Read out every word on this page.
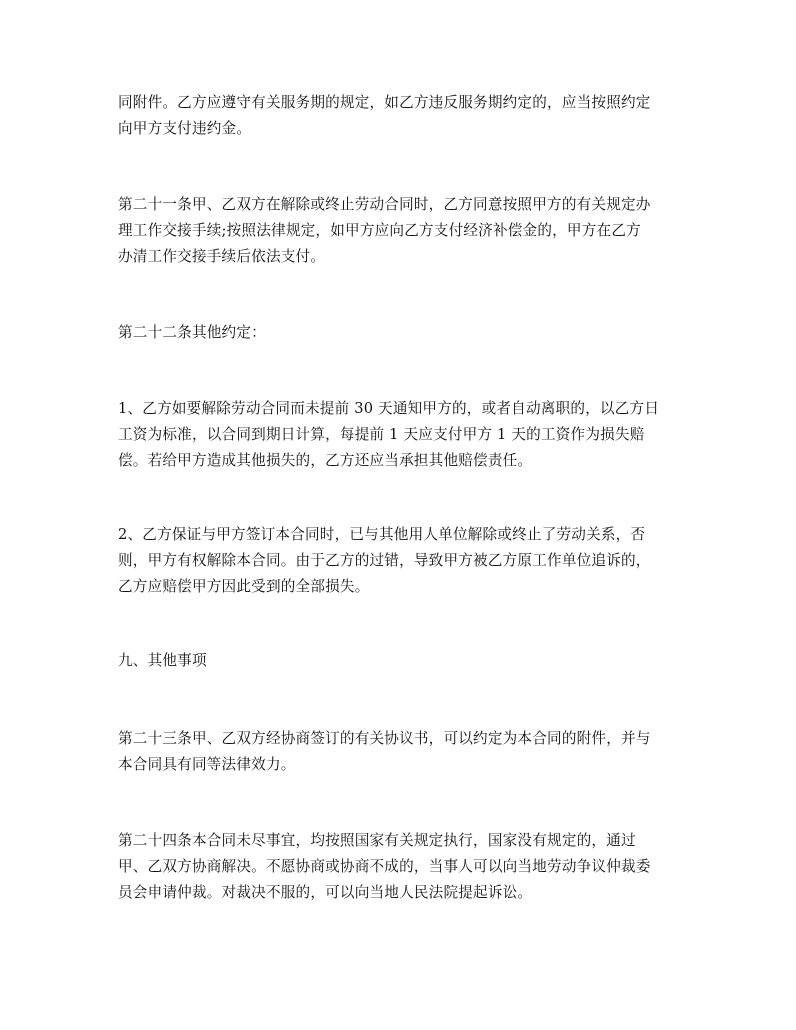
同附件。乙方应遵守有关服务期的规定，如乙方违反服务期约定的，应当按照约定
向甲方支付违约金。
第二十一条甲、乙双方在解除或终止劳动合同时，乙方同意按照甲方的有关规定办
理工作交接手续;按照法律规定，如甲方应向乙方支付经济补偿金的，甲方在乙方
办清工作交接手续后依法支付。
第二十二条其他约定：
1、乙方如要解除劳动合同而未提前 30 天通知甲方的，或者自动离职的，以乙方日
工资为标准，以合同到期日计算，每提前 1 天应支付甲方 1 天的工资作为损失赔
偿。若给甲方造成其他损失的，乙方还应当承担其他赔偿责任。
2、乙方保证与甲方签订本合同时，已与其他用人单位解除或终止了劳动关系，否
则，甲方有权解除本合同。由于乙方的过错，导致甲方被乙方原工作单位追诉的，
乙方应赔偿甲方因此受到的全部损失。
九、其他事项
第二十三条甲、乙双方经协商签订的有关协议书，可以约定为本合同的附件，并与
本合同具有同等法律效力。
第二十四条本合同未尽事宜，均按照国家有关规定执行，国家没有规定的，通过
甲、乙双方协商解决。不愿协商或协商不成的，当事人可以向当地劳动争议仲裁委
员会申请仲裁。对裁决不服的，可以向当地人民法院提起诉讼。
